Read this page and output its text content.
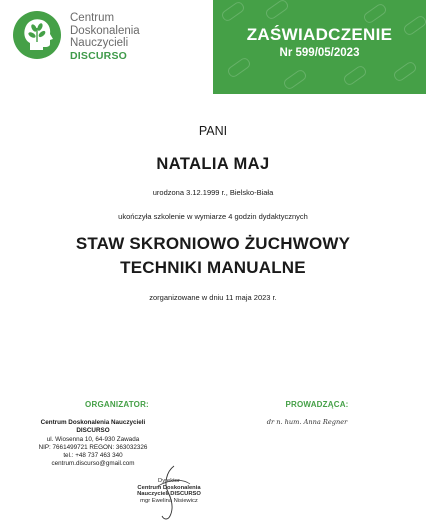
Centrum
Doskonalenia
Nauczycieli
DISCURSO
ZAŚWIADCZENIE
Nr 599/05/2023
PANI
NATALIA MAJ
urodzona 3.12.1999 r., Bielsko-Biała
ukończyła szkolenie w wymiarze 4 godzin dydaktycznych
STAW SKRONIOWO ŻUCHWOWY
TECHNIKI MANUALNE
zorganizowane w dniu 11 maja 2023 r.
ORGANIZATOR:	PROWADZĄCA:
Centrum Doskonalenia Nauczycieli
DISCURSO
ul. Wiosenna 10, 64-930 Zawada
NIP: 7661499721 REGON: 363032326
tel.: +48 737 463 340
centrum.discurso@gmail.com
dr n. hum. Anna Regner
Dyrektor
Centrum Doskonalenia
Nauczycieli DISCURSO
mgr Ewelina Nisiewicz
